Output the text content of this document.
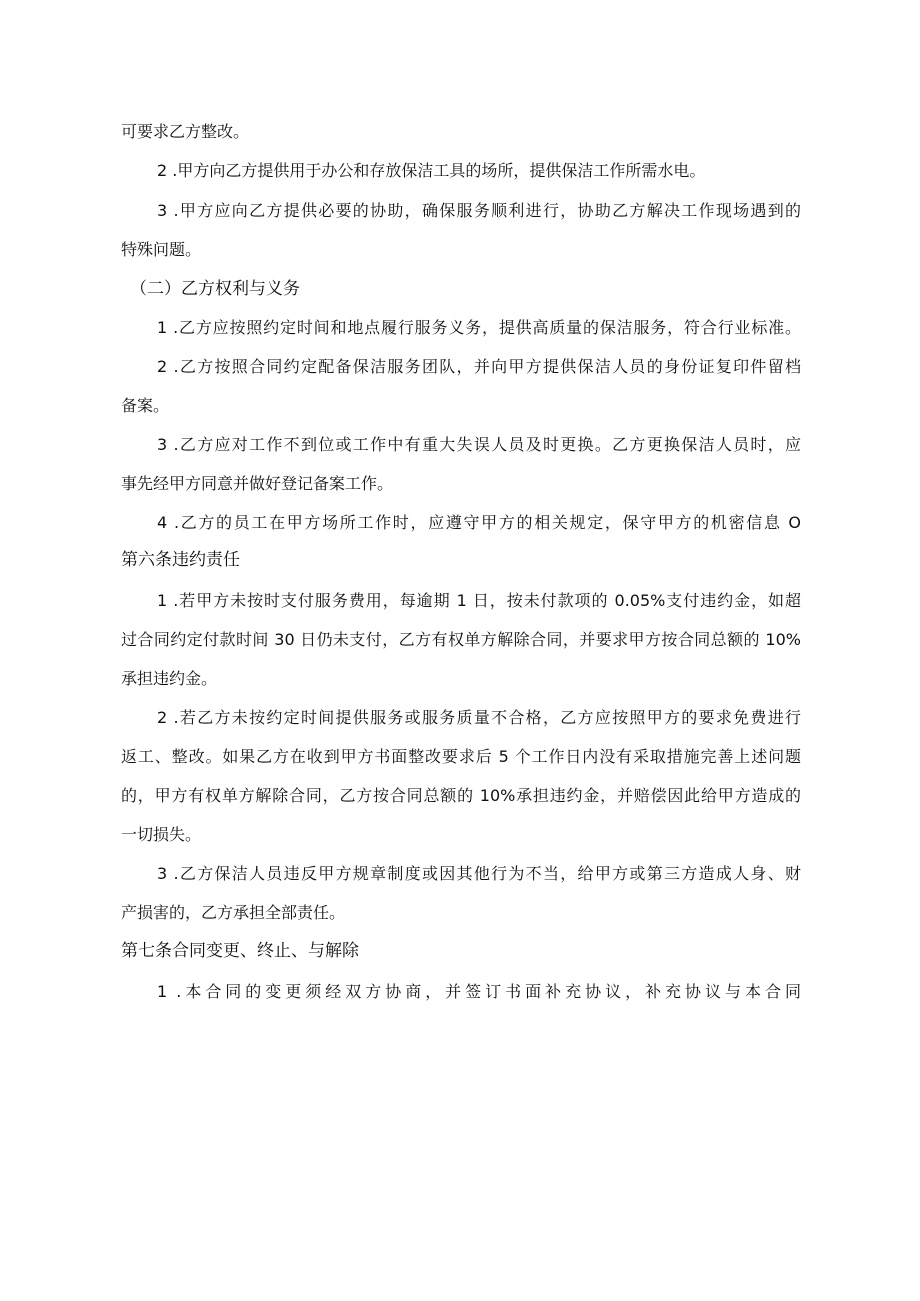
可要求乙方整改。
2 .甲方向乙方提供用于办公和存放保洁工具的场所，提供保洁工作所需水电。
3 .甲方应向乙方提供必要的协助，确保服务顺利进行，协助乙方解决工作现场遇到的
特殊问题。
（二）乙方权利与义务
1 .乙方应按照约定时间和地点履行服务义务，提供高质量的保洁服务，符合行业标准。
2 .乙方按照合同约定配备保洁服务团队，并向甲方提供保洁人员的身份证复印件留档
备案。
3 .乙方应对工作不到位或工作中有重大失误人员及时更换。乙方更换保洁人员时，应
事先经甲方同意并做好登记备案工作。
4 .乙方的员工在甲方场所工作时，应遵守甲方的相关规定，保守甲方的机密信息 O
第六条违约责任
1 .若甲方未按时支付服务费用，每逾期 1 日，按未付款项的 0.05%支付违约金，如超
过合同约定付款时间 30 日仍未支付，乙方有权单方解除合同，并要求甲方按合同总额的 10%
承担违约金。
2 .若乙方未按约定时间提供服务或服务质量不合格，乙方应按照甲方的要求免费进行
返工、整改。如果乙方在收到甲方书面整改要求后 5 个工作日内没有采取措施完善上述问题
的，甲方有权单方解除合同，乙方按合同总额的 10%承担违约金，并赔偿因此给甲方造成的
一切损失。
3 .乙方保洁人员违反甲方规章制度或因其他行为不当，给甲方或第三方造成人身、财
产损害的，乙方承担全部责任。
第七条合同变更、终止、与解除
1 .本合同的变更须经双方协商，并签订书面补充协议，补充协议与本合同
